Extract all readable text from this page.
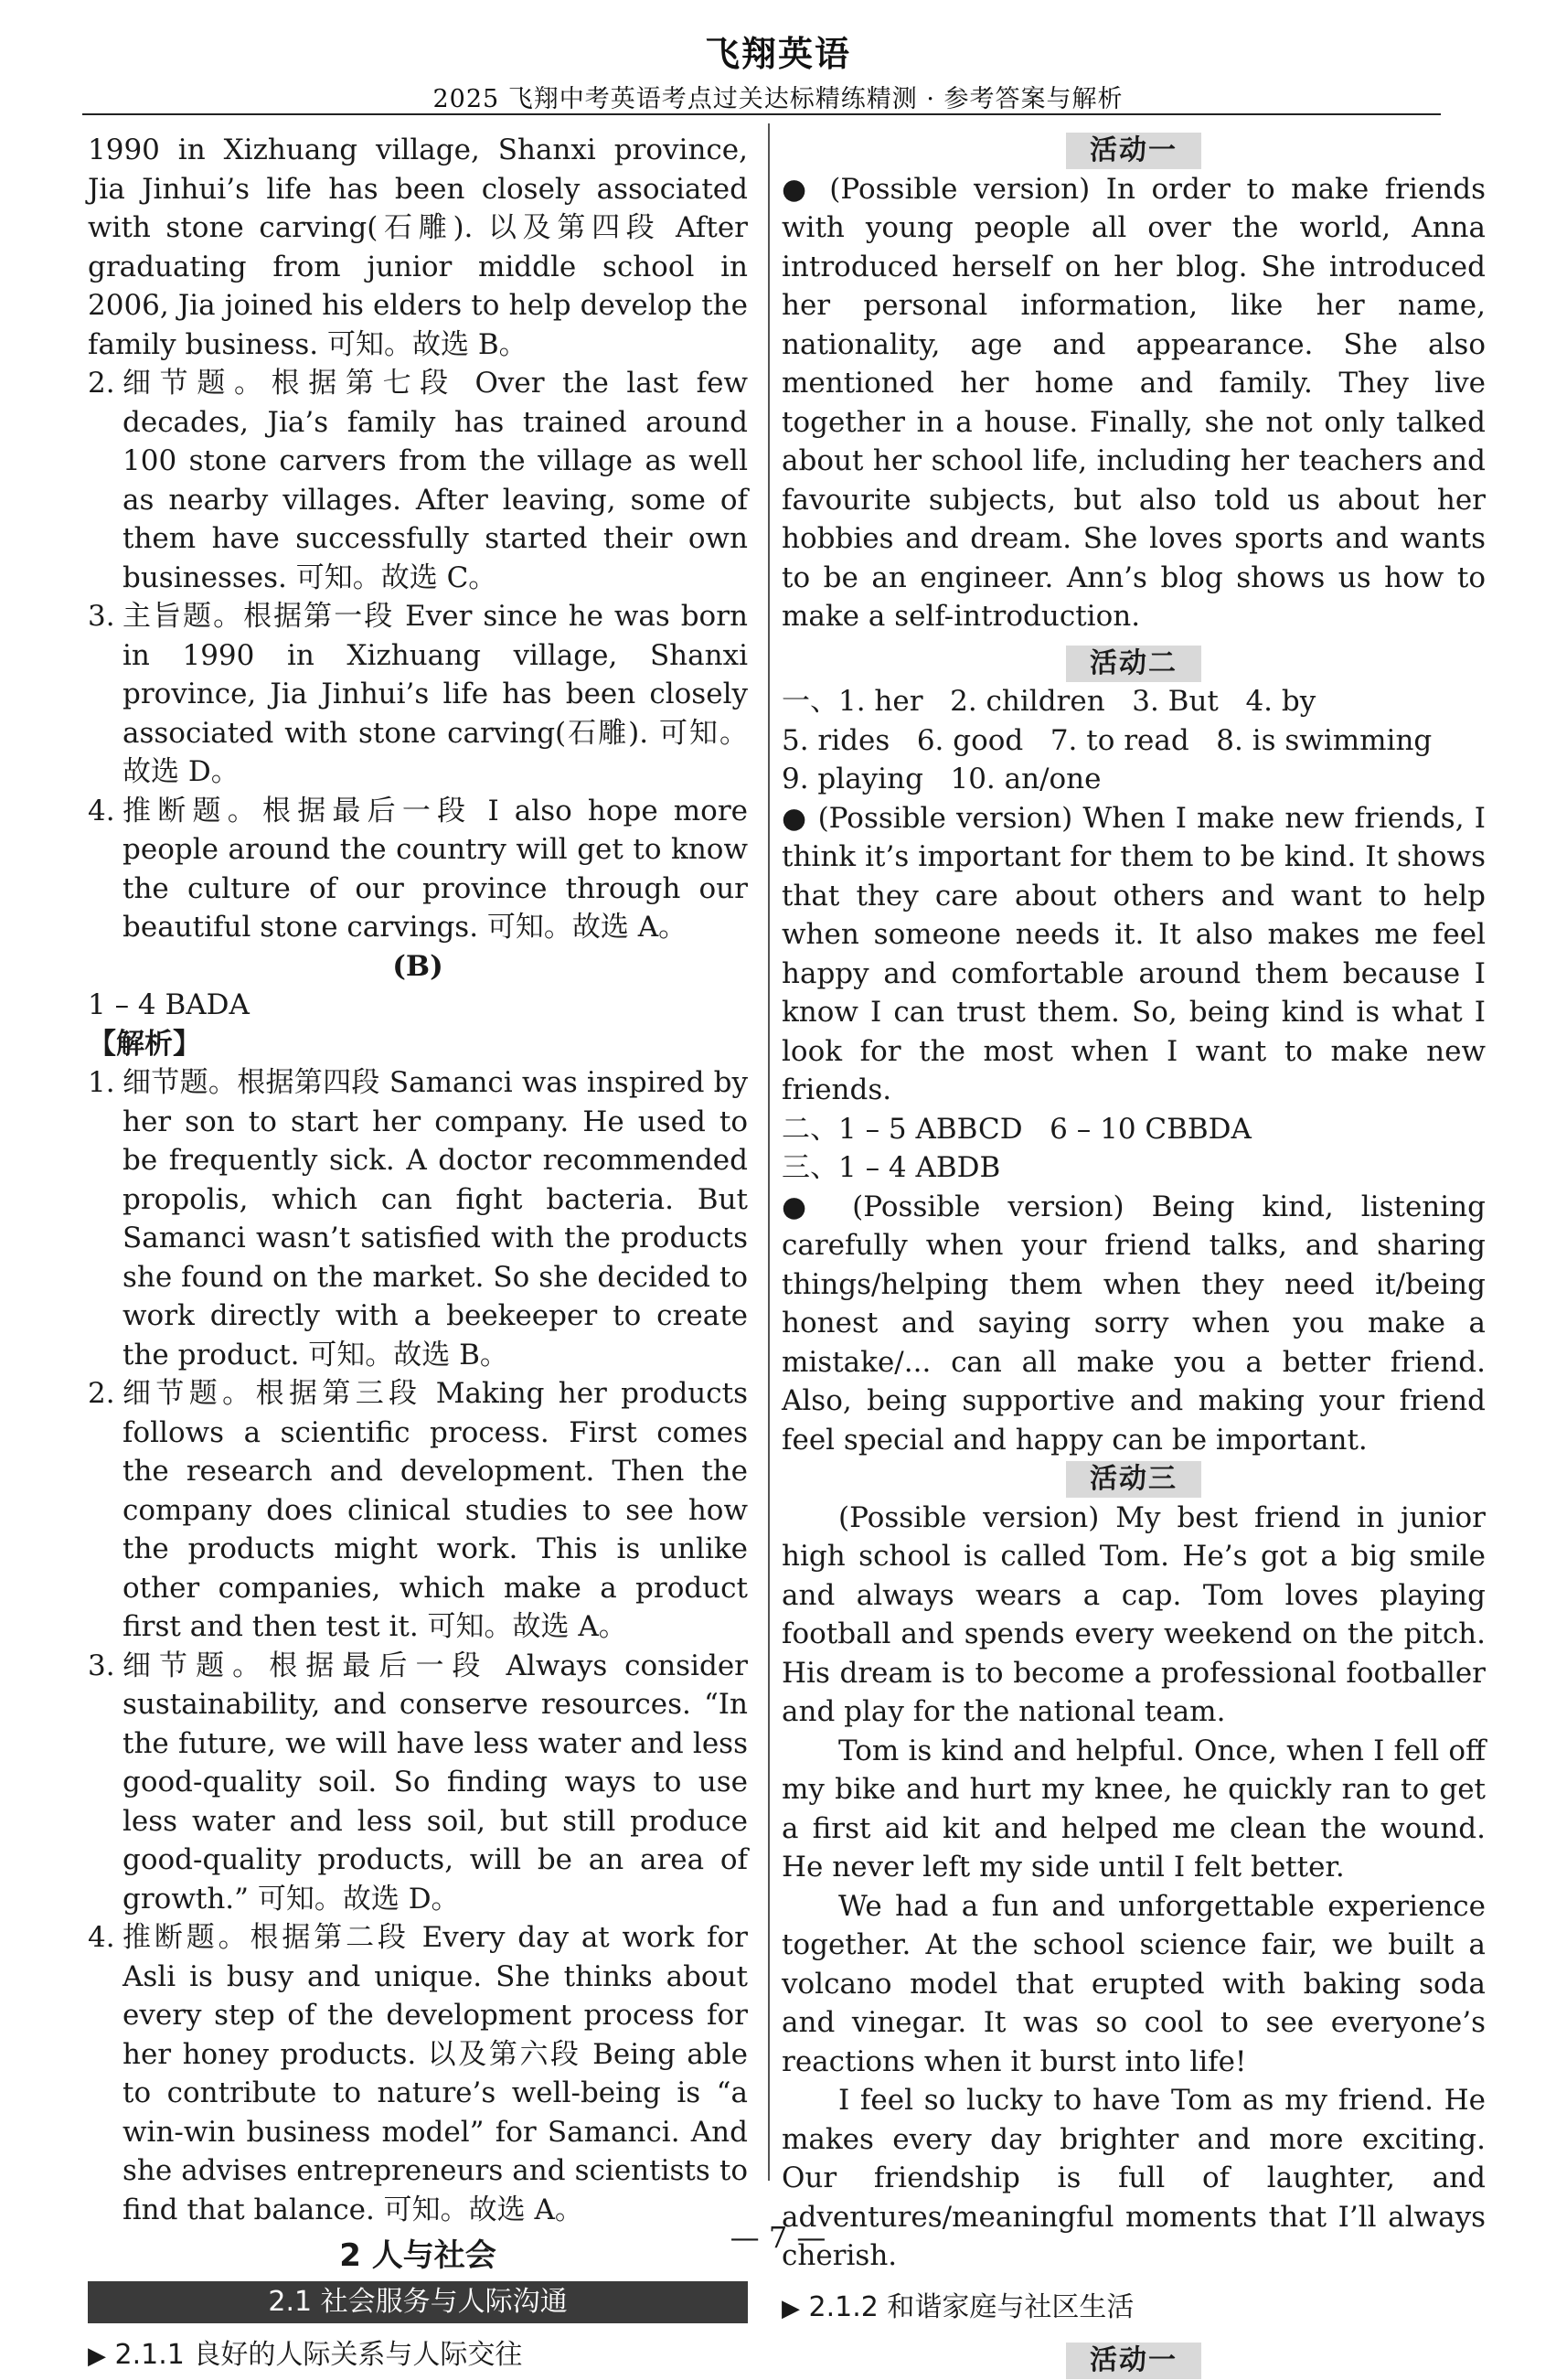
飞翔英语
2025 飞翔中考英语考点过关达标精练精测 · 参考答案与解析

1990 in Xizhuang village, Shanxi province, Jia Jinhui’s life has been closely associated with stone carving(石雕). 以及第四段 After graduating from junior middle school in 2006, Jia joined his elders to help develop the family business. 可知。故选 B。

2. 细节题。根据第七段 Over the last few decades, Jia’s family has trained around 100 stone carvers from the village as well as nearby villages. After leaving, some of them have successfully started their own businesses. 可知。故选 C。
3. 主旨题。根据第一段 Ever since he was born in 1990 in Xizhuang village, Shanxi province, Jia Jinhui’s life has been closely associated with stone carving(石雕). 可知。故选 D。
4. 推断题。根据最后一段 I also hope more people around the country will get to know the culture of our province through our beautiful stone carvings. 可知。故选 A。

(B)

1 – 4 BADA

【解析】

1. 细节题。根据第四段 Samanci was inspired by her son to start her company. He used to be frequently sick. A doctor recommended propolis, which can fight bacteria. But Samanci wasn’t satisfied with the products she found on the market. So she decided to work directly with a beekeeper to create the product. 可知。故选 B。
2. 细节题。根据第三段 Making her products follows a scientific process. First comes the research and development. Then the company does clinical studies to see how the products might work. This is unlike other companies, which make a product first and then test it. 可知。故选 A。
3. 细节题。根据最后一段 Always consider sustainability, and conserve resources. “In the future, we will have less water and less good-quality soil. So finding ways to use less water and less soil, but still produce good-quality products, will be an area of growth.” 可知。故选 D。
4. 推断题。根据第二段 Every day at work for Asli is busy and unique. She thinks about every step of the development process for her honey products. 以及第六段 Being able to contribute to nature’s well-being is “a win-win business model” for Samanci. And she advises entrepreneurs and scientists to find that balance. 可知。故选 A。
2 人与社会
2.1 社会服务与人际沟通

▶ 2.1.1 良好的人际关系与人际交往

活动一

● (Possible version) In order to make friends with young people all over the world, Anna introduced herself on her blog. She introduced her personal information, like her name, nationality, age and appearance. She also mentioned her home and family. They live together in a house. Finally, she not only talked about her school life, including her teachers and favourite subjects, but also told us about her hobbies and dream. She loves sports and wants to be an engineer. Ann’s blog shows us how to make a self-introduction.

活动二

一、1. her   2. children   3. But   4. by

5. rides   6. good   7. to read   8. is swimming

9. playing   10. an/one

● (Possible version) When I make new friends, I think it’s important for them to be kind. It shows that they care about others and want to help when someone needs it. It also makes me feel happy and comfortable around them because I know I can trust them. So, being kind is what I look for the most when I want to make new friends.

二、1 – 5 ABBCD   6 – 10 CBBDA

三、1 – 4 ABDB

● (Possible version) Being kind, listening carefully when your friend talks, and sharing things/helping them when they need it/being honest and saying sorry when you make a mistake/... can all make you a better friend. Also, being supportive and making your friend feel special and happy can be important.

活动三

(Possible version) My best friend in junior high school is called Tom. He’s got a big smile and always wears a cap. Tom loves playing football and spends every weekend on the pitch. His dream is to become a professional footballer and play for the national team.

Tom is kind and helpful. Once, when I fell off my bike and hurt my knee, he quickly ran to get a first aid kit and helped me clean the wound. He never left my side until I felt better.

We had a fun and unforgettable experience together. At the school science fair, we built a volcano model that erupted with baking soda and vinegar. It was so cool to see everyone’s reactions when it burst into life!

I feel so lucky to have Tom as my friend. He makes every day brighter and more exciting. Our friendship is full of laughter, and adventures/meaningful moments that I’ll always cherish.

▶ 2.1.2 和谐家庭与社区生活

活动一

— 7 —
